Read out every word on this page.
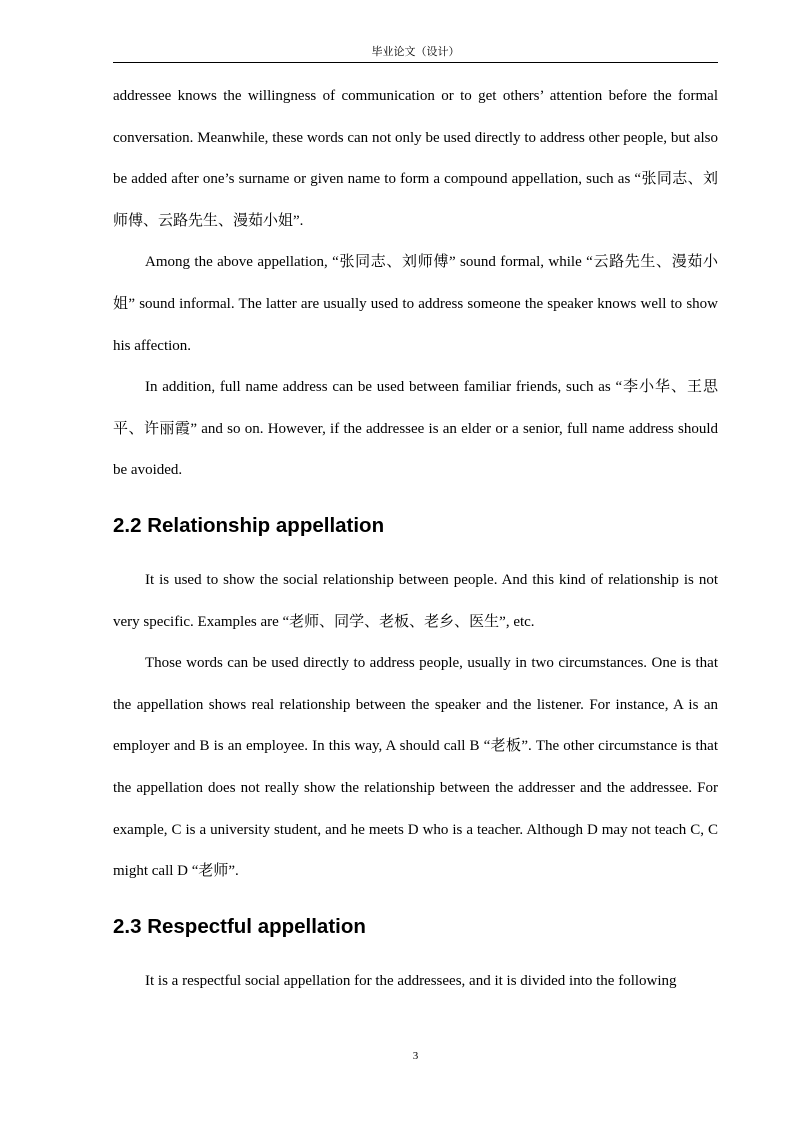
毕业论文（设计）

addressee knows the willingness of communication or to get others’ attention before the formal conversation. Meanwhile, these words can not only be used directly to address other people, but also be added after one’s surname or given name to form a compound appellation, such as “张同志、刘师傅、云路先生、漫茹小姐”.

Among the above appellation, “张同志、刘师傅” sound formal, while “云路先生、漫茹小姐” sound informal. The latter are usually used to address someone the speaker knows well to show his affection.

In addition, full name address can be used between familiar friends, such as “李小华、王思平、许丽霞” and so on. However, if the addressee is an elder or a senior, full name address should be avoided.

2.2 Relationship appellation

It is used to show the social relationship between people. And this kind of relationship is not very specific. Examples are “老师、同学、老板、老乡、医生”, etc.

Those words can be used directly to address people, usually in two circumstances. One is that the appellation shows real relationship between the speaker and the listener. For instance, A is an employer and B is an employee. In this way, A should call B “老板”. The other circumstance is that the appellation does not really show the relationship between the addresser and the addressee. For example, C is a university student, and he meets D who is a teacher. Although D may not teach C, C might call D “老师”.

2.3 Respectful appellation

It is a respectful social appellation for the addressees, and it is divided into the following

3
